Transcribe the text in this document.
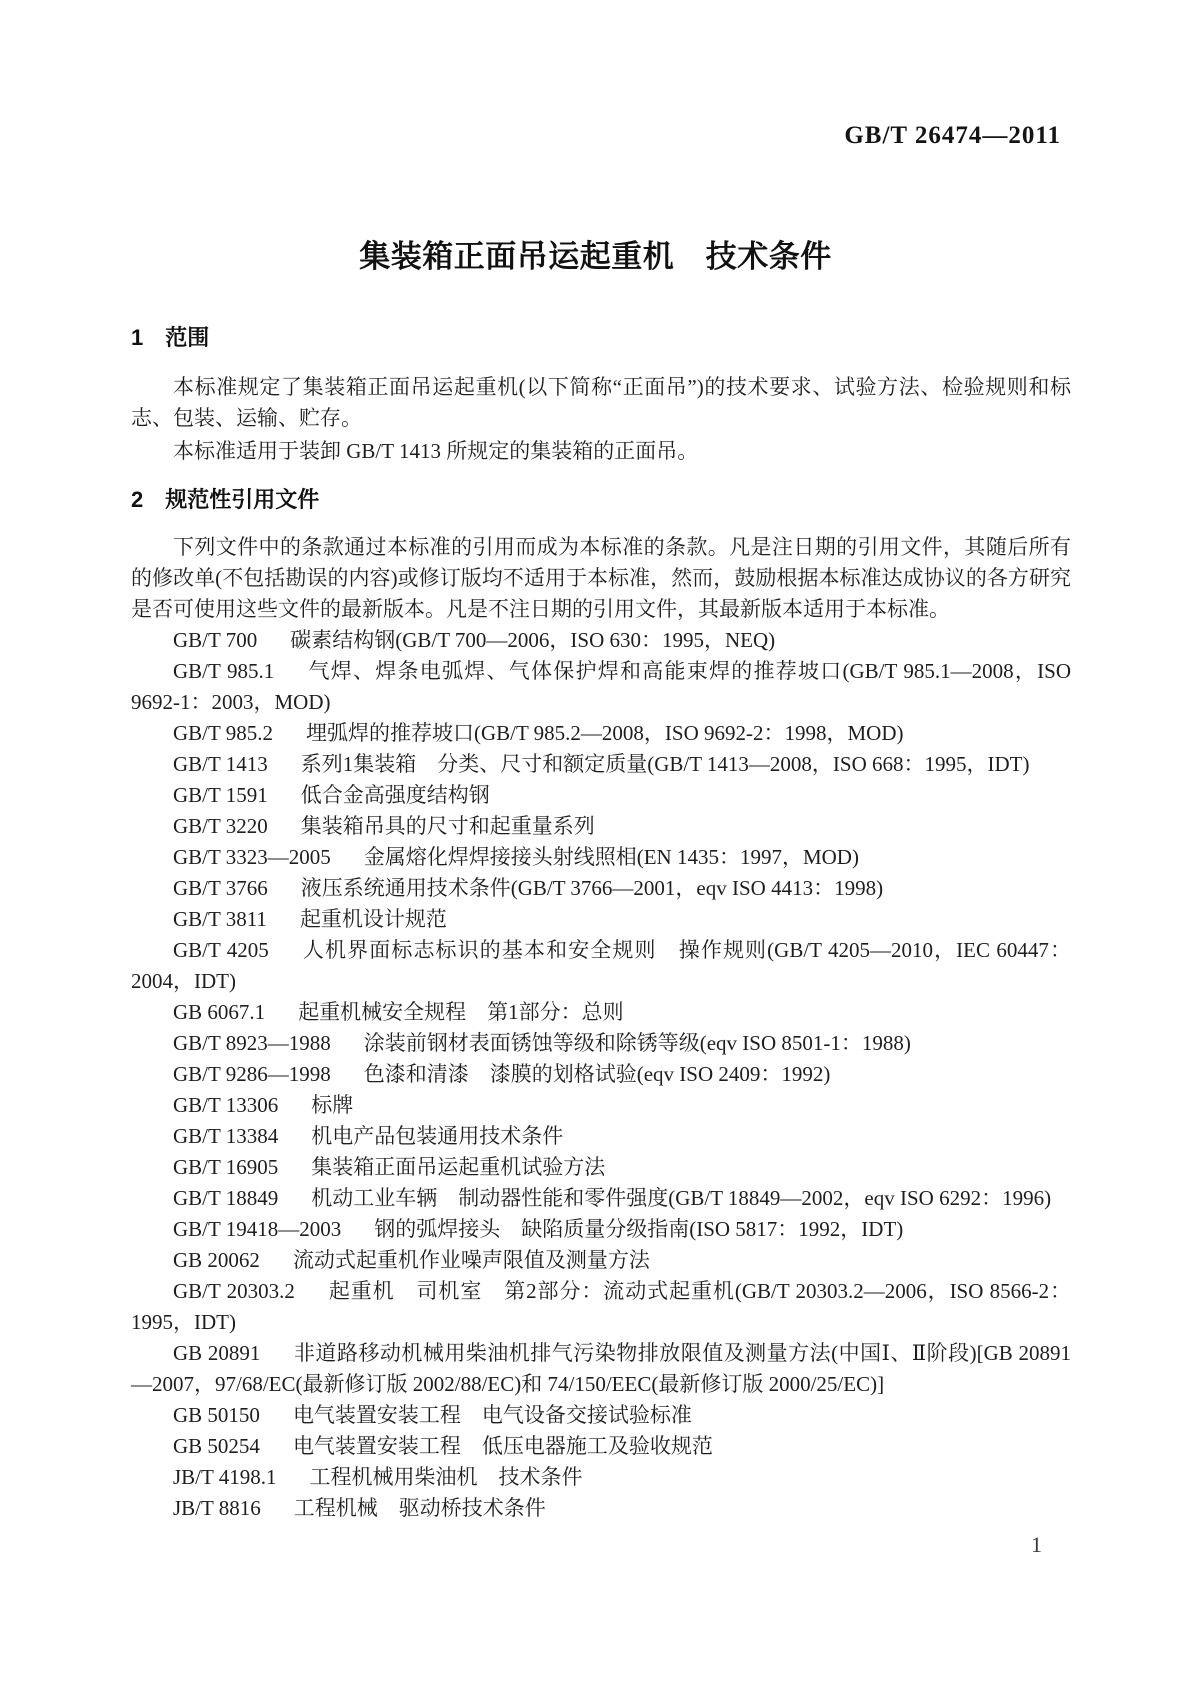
GB/T 26474—2011
集装箱正面吊运起重机　技术条件
1 范围

本标准规定了集装箱正面吊运起重机(以下简称“正面吊”)的技术要求、试验方法、检验规则和标志、包装、运输、贮存。

本标准适用于装卸 GB/T 1413 所规定的集装箱的正面吊。

2 规范性引用文件

下列文件中的条款通过本标准的引用而成为本标准的条款。凡是注日期的引用文件，其随后所有的修改单(不包括勘误的内容)或修订版均不适用于本标准，然而，鼓励根据本标准达成协议的各方研究是否可使用这些文件的最新版本。凡是不注日期的引用文件，其最新版本适用于本标准。

GB/T 700 碳素结构钢(GB/T 700—2006，ISO 630：1995，NEQ)

GB/T 985.1 气焊、焊条电弧焊、气体保护焊和高能束焊的推荐坡口(GB/T 985.1—2008，ISO 9692-1：2003，MOD)

GB/T 985.2 埋弧焊的推荐坡口(GB/T 985.2—2008，ISO 9692-2：1998，MOD)

GB/T 1413 系列1集装箱　分类、尺寸和额定质量(GB/T 1413—2008，ISO 668：1995，IDT)

GB/T 1591 低合金高强度结构钢

GB/T 3220 集装箱吊具的尺寸和起重量系列

GB/T 3323—2005 金属熔化焊焊接接头射线照相(EN 1435：1997，MOD)

GB/T 3766 液压系统通用技术条件(GB/T 3766—2001，eqv ISO 4413：1998)

GB/T 3811 起重机设计规范

GB/T 4205 人机界面标志标识的基本和安全规则　操作规则(GB/T 4205—2010，IEC 60447：2004，IDT)

GB 6067.1 起重机械安全规程　第1部分：总则

GB/T 8923—1988 涂装前钢材表面锈蚀等级和除锈等级(eqv ISO 8501-1：1988)

GB/T 9286—1998 色漆和清漆　漆膜的划格试验(eqv ISO 2409：1992)

GB/T 13306 标牌

GB/T 13384 机电产品包装通用技术条件

GB/T 16905 集装箱正面吊运起重机试验方法

GB/T 18849 机动工业车辆　制动器性能和零件强度(GB/T 18849—2002，eqv ISO 6292：1996)

GB/T 19418—2003 钢的弧焊接头　缺陷质量分级指南(ISO 5817：1992，IDT)

GB 20062 流动式起重机作业噪声限值及测量方法

GB/T 20303.2 起重机　司机室　第2部分：流动式起重机(GB/T 20303.2—2006，ISO 8566-2：1995，IDT)

GB 20891 非道路移动机械用柴油机排气污染物排放限值及测量方法(中国Ⅰ、Ⅱ阶段)[GB 20891—2007，97/68/EC(最新修订版 2002/88/EC)和 74/150/EEC(最新修订版 2000/25/EC)]

GB 50150 电气装置安装工程　电气设备交接试验标准

GB 50254 电气装置安装工程　低压电器施工及验收规范

JB/T 4198.1 工程机械用柴油机　技术条件

JB/T 8816 工程机械　驱动桥技术条件

1
